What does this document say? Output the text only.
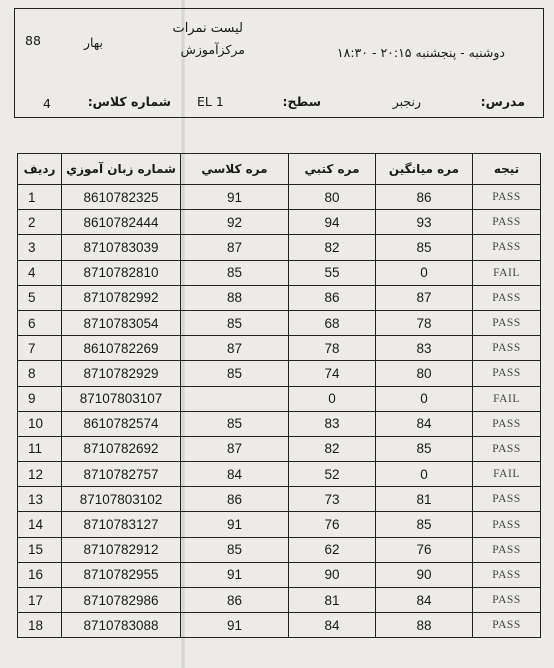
لیست نمرات
88	بهار	مرکزآموزش	دوشنبه - پنجشنبه ۲۰:۱۵ - ۱۸:۳۰
4	شماره کلاس: EL 1	سطح:	رنجبر	مدرس:
ردیف	شماره زبان آموزي	مره كلاسي	مره كتبي	مره ميانگين	تيجه
1	8610782325	91	80	86	PASS
2	8610782444	92	94	93	PASS
3	8710783039	87	82	85	PASS
4	8710782810	85	55	0	FAIL
5	8710782992	88	86	87	PASS
6	8710783054	85	68	78	PASS
7	8610782269	87	78	83	PASS
8	8710782929	85	74	80	PASS
9	87107803107		0	0	FAIL
10	8610782574	85	83	84	PASS
11	8710782692	87	82	85	PASS
12	8710782757	84	52	0	FAIL
13	87107803102	86	73	81	PASS
14	8710783127	91	76	85	PASS
15	8710782912	85	62	76	PASS
16	8710782955	91	90	90	PASS
17	8710782986	86	81	84	PASS
18	8710783088	91	84	88	PASS
